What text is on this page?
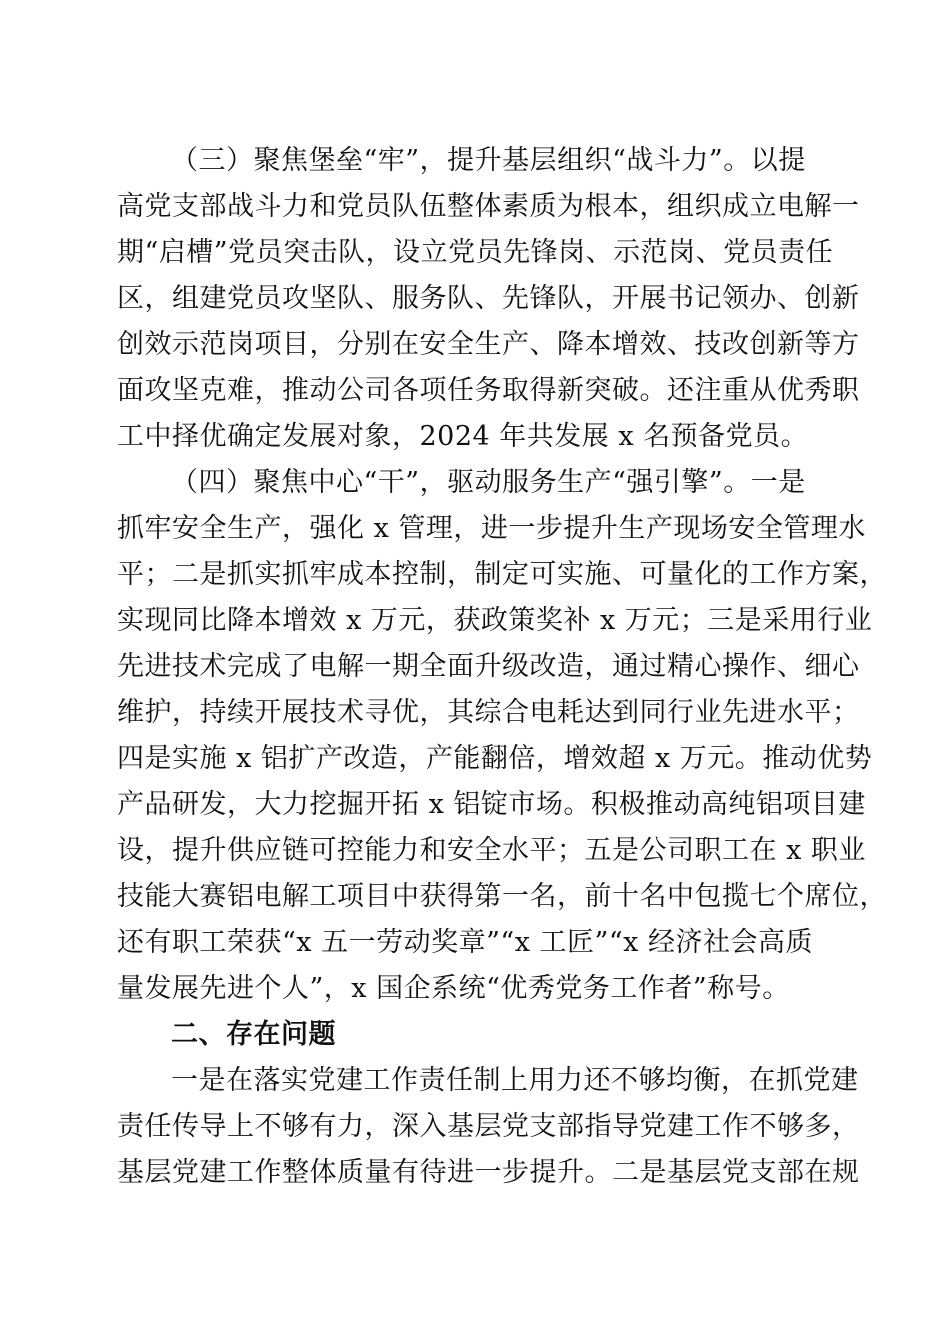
（三）聚焦堡垒“牢”，提升基层组织“战斗力”。以提
高党支部战斗力和党员队伍整体素质为根本，组织成立电解一
期“启槽”党员突击队，设立党员先锋岗、示范岗、党员责任
区，组建党员攻坚队、服务队、先锋队，开展书记领办、创新
创效示范岗项目，分别在安全生产、降本增效、技改创新等方
面攻坚克难，推动公司各项任务取得新突破。还注重从优秀职
工中择优确定发展对象，2024 年共发展 x 名预备党员。
（四）聚焦中心“干”，驱动服务生产“强引擎”。一是
抓牢安全生产，强化 x 管理，进一步提升生产现场安全管理水
平；二是抓实抓牢成本控制，制定可实施、可量化的工作方案，
实现同比降本增效 x 万元，获政策奖补 x 万元；三是采用行业
先进技术完成了电解一期全面升级改造，通过精心操作、细心
维护，持续开展技术寻优，其综合电耗达到同行业先进水平；
四是实施 x 铝扩产改造，产能翻倍，增效超 x 万元。推动优势
产品研发，大力挖掘开拓 x 铝锭市场。积极推动高纯铝项目建
设，提升供应链可控能力和安全水平；五是公司职工在 x 职业
技能大赛铝电解工项目中获得第一名，前十名中包揽七个席位，
还有职工荣获“x 五一劳动奖章”“x 工匠”“x 经济社会高质
量发展先进个人”，x 国企系统“优秀党务工作者”称号。
二、存在问题
一是在落实党建工作责任制上用力还不够均衡，在抓党建
责任传导上不够有力，深入基层党支部指导党建工作不够多，
基层党建工作整体质量有待进一步提升。二是基层党支部在规
